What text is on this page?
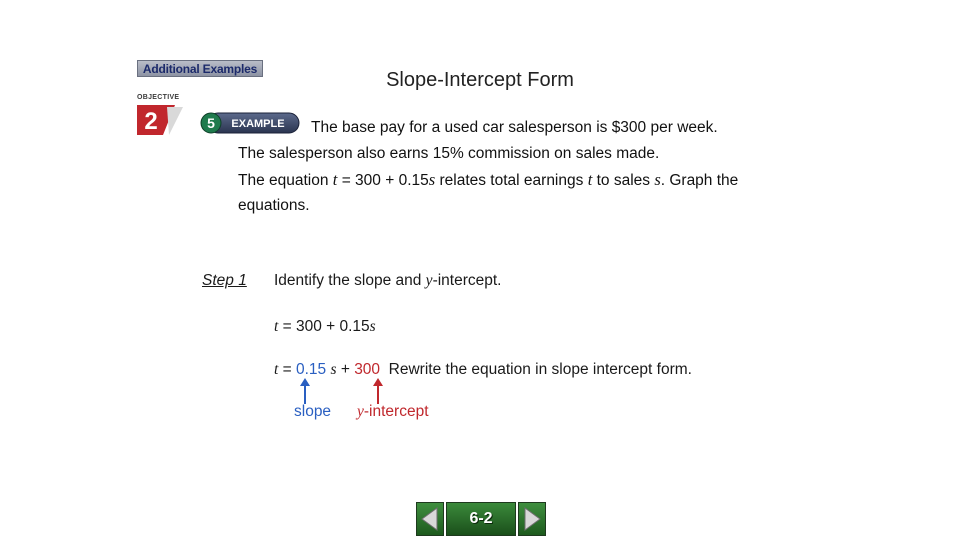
Additional Examples
OBJECTIVE
2	5 EXAMPLE
Slope-Intercept Form
The base pay for a used car salesperson is $300 per week.
The salesperson also earns 15% commission on sales made.
The equation t = 300 + 0.15s relates total earnings t to sales s. Graph the
equations.
Step 1 Identify the slope and y-intercept.
t = 300 + 0.15s
t = 0.15 s + 300  Rewrite the equation in slope intercept form.
slope y-intercept
6-2
